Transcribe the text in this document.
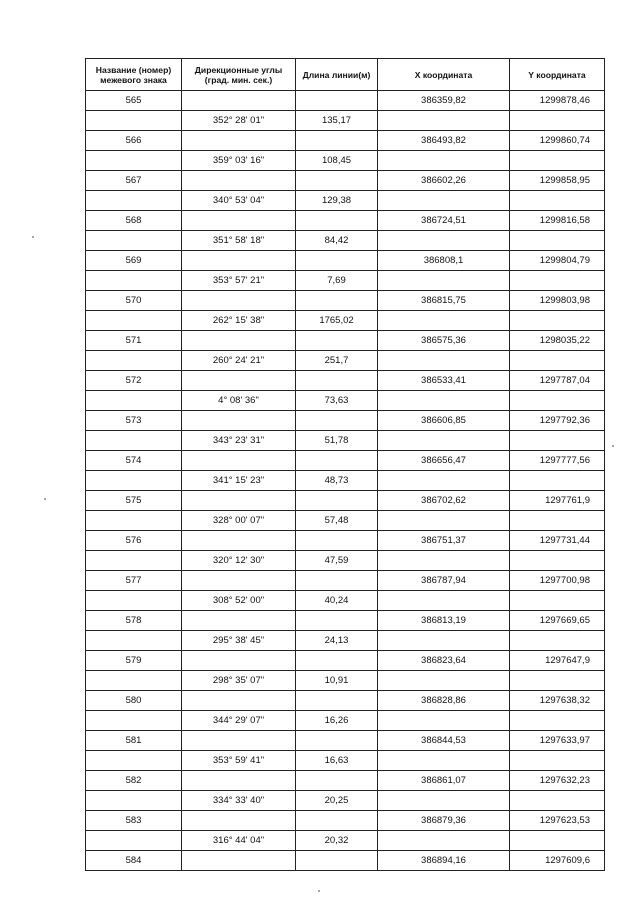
Название (номер) межевого знака	Дирекционные углы (град. мин. сек.)	Длина линии(м)	X координата	Y координата
565			386359,82	1299878,46
	352° 28' 01"	135,17		
566			386493,82	1299860,74
	359° 03' 16"	108,45		
567			386602,26	1299858,95
	340° 53' 04"	129,38		
568			386724,51	1299816,58
	351° 58' 18"	84,42		
569			386808,1	1299804,79
	353° 57' 21"	7,69		
570			386815,75	1299803,98
	262° 15' 38"	1765,02		
571			386575,36	1298035,22
	260° 24' 21"	251,7		
572			386533,41	1297787,04
	4° 08' 36"	73,63		
573			386606,85	1297792,36
	343° 23' 31"	51,78		
574			386656,47	1297777,56
	341° 15' 23"	48,73		
575			386702,62	1297761,9
	328° 00' 07"	57,48		
576			386751,37	1297731,44
	320° 12' 30"	47,59		
577			386787,94	1297700,98
	308° 52' 00"	40,24		
578			386813,19	1297669,65
	295° 38' 45"	24,13		
579			386823,64	1297647,9
	298° 35' 07"	10,91		
580			386828,86	1297638,32
	344° 29' 07"	16,26		
581			386844,53	1297633,97
	353° 59' 41"	16,63		
582			386861,07	1297632,23
	334° 33' 40"	20,25		
583			386879,36	1297623,53
	316° 44' 04"	20,32		
584			386894,16	1297609,6
